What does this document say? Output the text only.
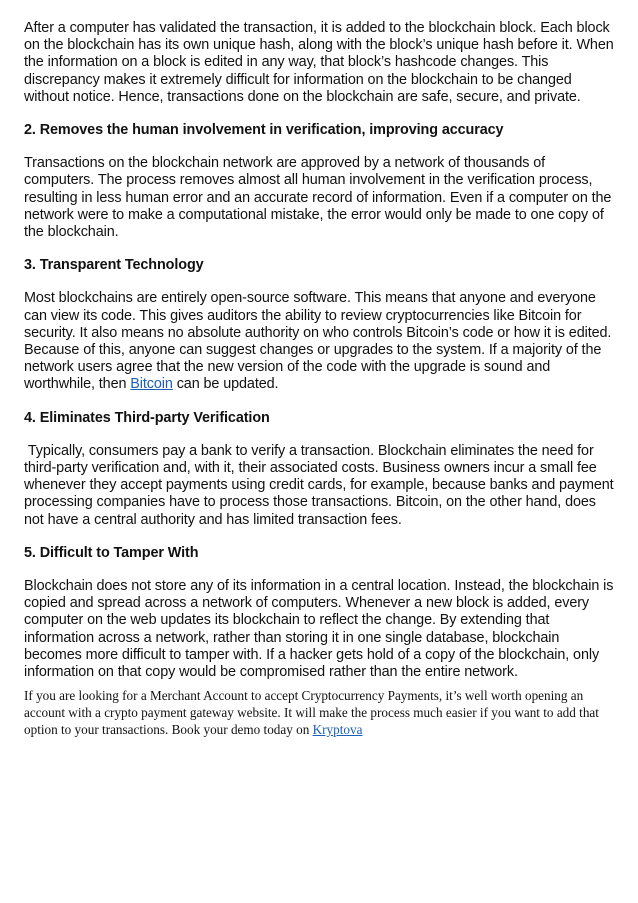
After a computer has validated the transaction, it is added to the blockchain block. Each block on the blockchain has its own unique hash, along with the block’s unique hash before it. When the information on a block is edited in any way, that block’s hashcode changes. This discrepancy makes it extremely difficult for information on the blockchain to be changed without notice. Hence, transactions done on the blockchain are safe, secure, and private.

2. Removes the human involvement in verification, improving accuracy

Transactions on the blockchain network are approved by a network of thousands of computers. The process removes almost all human involvement in the verification process, resulting in less human error and an accurate record of information. Even if a computer on the network were to make a computational mistake, the error would only be made to one copy of the blockchain.

3. Transparent Technology

Most blockchains are entirely open-source software. This means that anyone and everyone can view its code. This gives auditors the ability to review cryptocurrencies like Bitcoin for security. It also means no absolute authority on who controls Bitcoin’s code or how it is edited. Because of this, anyone can suggest changes or upgrades to the system. If a majority of the network users agree that the new version of the code with the upgrade is sound and worthwhile, then Bitcoin can be updated.

4. Eliminates Third-party Verification

Typically, consumers pay a bank to verify a transaction. Blockchain eliminates the need for third-party verification and, with it, their associated costs. Business owners incur a small fee whenever they accept payments using credit cards, for example, because banks and payment processing companies have to process those transactions. Bitcoin, on the other hand, does not have a central authority and has limited transaction fees.

5. Difficult to Tamper With

Blockchain does not store any of its information in a central location. Instead, the blockchain is copied and spread across a network of computers. Whenever a new block is added, every computer on the web updates its blockchain to reflect the change. By extending that information across a network, rather than storing it in one single database, blockchain becomes more difficult to tamper with. If a hacker gets hold of a copy of the blockchain, only information on that copy would be compromised rather than the entire network.

If you are looking for a Merchant Account to accept Cryptocurrency Payments, it’s well worth opening an account with a crypto payment gateway website. It will make the process much easier if you want to add that option to your transactions. Book your demo today on Kryptova
